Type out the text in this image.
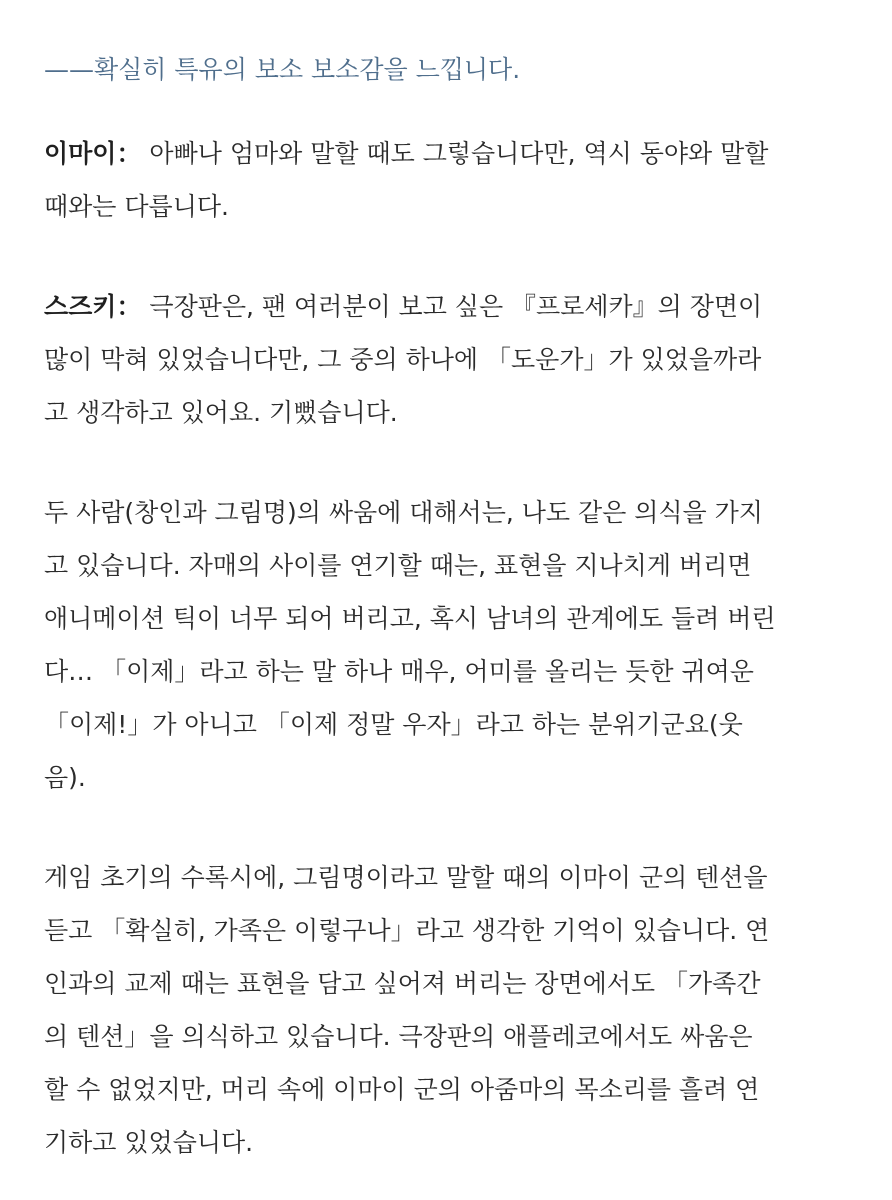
——확실히 특유의 보소 보소감을 느낍니다.

이마이： 아빠나 엄마와 말할 때도 그렇습니다만, 역시 동야와 말할
때와는 다릅니다.

스즈키： 극장판은, 팬 여러분이 보고 싶은 『프로세카』의 장면이
많이 막혀 있었습니다만, 그 중의 하나에 「도운가」가 있었을까라
고 생각하고 있어요. 기뻤습니다.

두 사람(창인과 그림명)의 싸움에 대해서는, 나도 같은 의식을 가지
고 있습니다. 자매의 사이를 연기할 때는, 표현을 지나치게 버리면
애니메이션 틱이 너무 되어 버리고, 혹시 남녀의 관계에도 들려 버린
다… 「이제」라고 하는 말 하나 매우, 어미를 올리는 듯한 귀여운
「이제!」가 아니고 「이제 정말 우자」라고 하는 분위기군요(웃
음).

게임 초기의 수록시에, 그림명이라고 말할 때의 이마이 군의 텐션을
듣고 「확실히, 가족은 이렇구나」라고 생각한 기억이 있습니다. 연
인과의 교제 때는 표현을 담고 싶어져 버리는 장면에서도 「가족간
의 텐션」을 의식하고 있습니다. 극장판의 애플레코에서도 싸움은
할 수 없었지만, 머리 속에 이마이 군의 아줌마의 목소리를 흘려 연
기하고 있었습니다.
